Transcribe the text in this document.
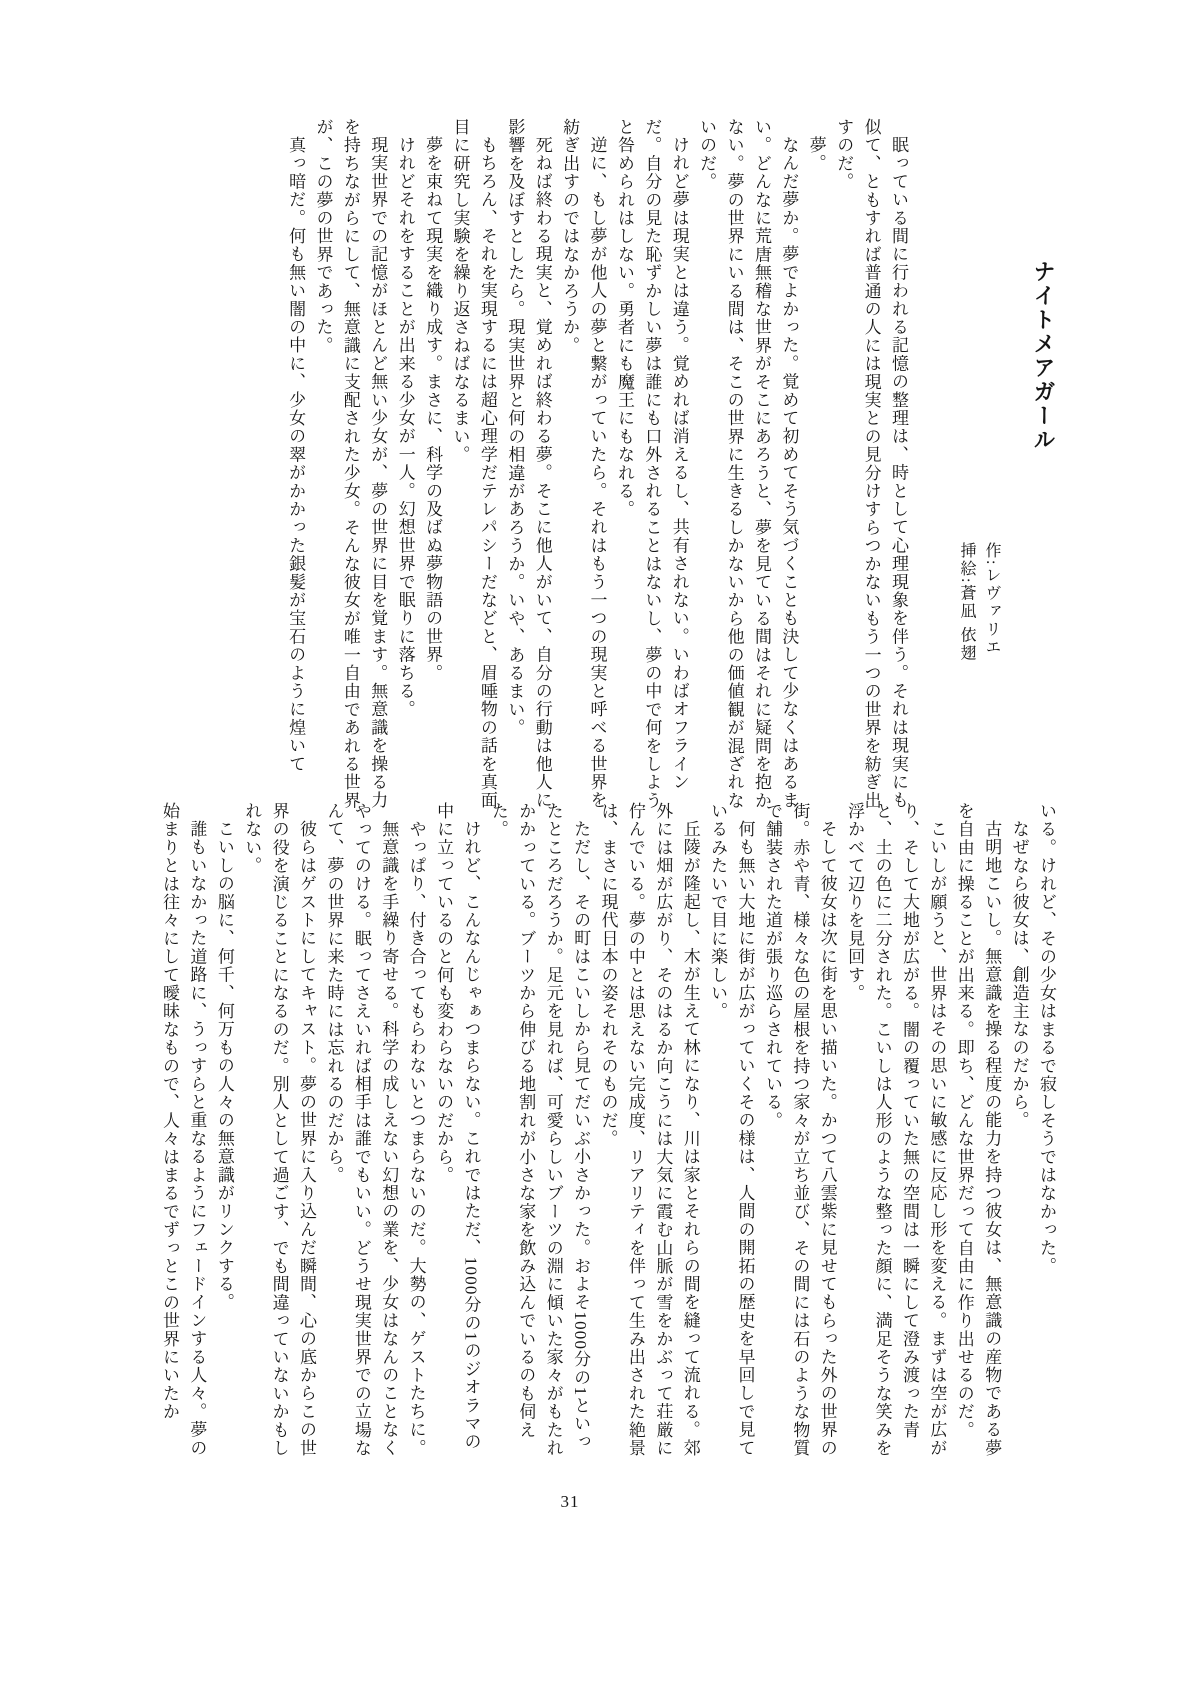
ナイトメアガール

作:レヴァリエ

挿絵:蒼凪 依翅

眠っている間に行われる記憶の整理は、時として心理現象を伴う。それは現実にも似て、ともすれば普通の人には現実との見分けすらつかないもう一つの世界を紡ぎ出すのだ。

夢。

なんだ夢か。夢でよかった。覚めて初めてそう気づくことも決して少なくはあるまい。どんなに荒唐無稽な世界がそこにあろうと、夢を見ている間はそれに疑問を抱かない。夢の世界にいる間は、そこの世界に生きるしかないから他の価値観が混ざれないのだ。

けれど夢は現実とは違う。覚めれば消えるし、共有されない。いわばオフラインだ。自分の見た恥ずかしい夢は誰にも口外されることはないし、夢の中で何をしようと咎められはしない。勇者にも魔王にもなれる。

逆に、もし夢が他人の夢と繋がっていたら。それはもう一つの現実と呼べる世界を紡ぎ出すのではなかろうか。

死ねば終わる現実と、覚めれば終わる夢。そこに他人がいて、自分の行動は他人に影響を及ぼすとしたら。現実世界と何の相違があろうか。いや、あるまい。

もちろん、それを実現するには超心理学だテレパシーだなどと、眉唾物の話を真面目に研究し実験を繰り返さねばなるまい。

夢を束ねて現実を織り成す。まさに、科学の及ばぬ夢物語の世界。

けれどそれをすることが出来る少女が一人。幻想世界で眠りに落ちる。

現実世界での記憶がほとんど無い少女が、夢の世界に目を覚ます。無意識を操る力を持ちながらにして、無意識に支配された少女。そんな彼女が唯一自由であれる世界が、この夢の世界であった。

真っ暗だ。何も無い闇の中に、少女の翠がかかった銀髪が宝石のように煌いて

いる。けれど、その少女はまるで寂しそうではなかった。

なぜなら彼女は、創造主なのだから。

古明地こいし。無意識を操る程度の能力を持つ彼女は、無意識の産物である夢を自由に操ることが出来る。即ち、どんな世界だって自由に作り出せるのだ。

こいしが願うと、世界はその思いに敏感に反応し形を変える。まずは空が広がり、そして大地が広がる。闇の覆っていた無の空間は一瞬にして澄み渡った青と、土の色に二分された。こいしは人形のような整った顔に、満足そうな笑みを浮かべて辺りを見回す。

そして彼女は次に街を思い描いた。かつて八雲紫に見せてもらった外の世界の街。赤や青、様々な色の屋根を持つ家々が立ち並び、その間には石のような物質で舗装された道が張り巡らされている。

何も無い大地に街が広がっていくその様は、人間の開拓の歴史を早回しで見ているみたいで目に楽しい。

丘陵が隆起し、木が生えて林になり、川は家とそれらの間を縫って流れる。郊外には畑が広がり、そのはるか向こうには大気に霞む山脈が雪をかぶって荘厳に佇んでいる。夢の中とは思えない完成度、リアリティを伴って生み出された絶景は、まさに現代日本の姿それそのものだ。

ただし、その町はこいしから見てだいぶ小さかった。およそ1000分の1といったところだろうか。足元を見れば、可愛らしいブーツの淵に傾いた家々がもたれかかっている。ブーツから伸びる地割れが小さな家を飲み込んでいるのも伺えた。

けれど、こんなんじゃぁつまらない。これではただ、1000分の1のジオラマの中に立っているのと何も変わらないのだから。

やっぱり、付き合ってもらわないとつまらないのだ。大勢の、ゲストたちに。

無意識を手繰り寄せる。科学の成しえない幻想の業を、少女はなんのことなくやってのける。眠ってさえいれば相手は誰でもいい。どうせ現実世界での立場なんて、夢の世界に来た時には忘れるのだから。

彼らはゲストにしてキャスト。夢の世界に入り込んだ瞬間、心の底からこの世界の役を演じることになるのだ。別人として過ごす、でも間違っていないかもしれない。

こいしの脳に、何千、何万もの人々の無意識がリンクする。

誰もいなかった道路に、うっすらと重なるようにフェードインする人々。夢の始まりとは往々にして曖昧なもので、人々はまるでずっとこの世界にいたか

31
